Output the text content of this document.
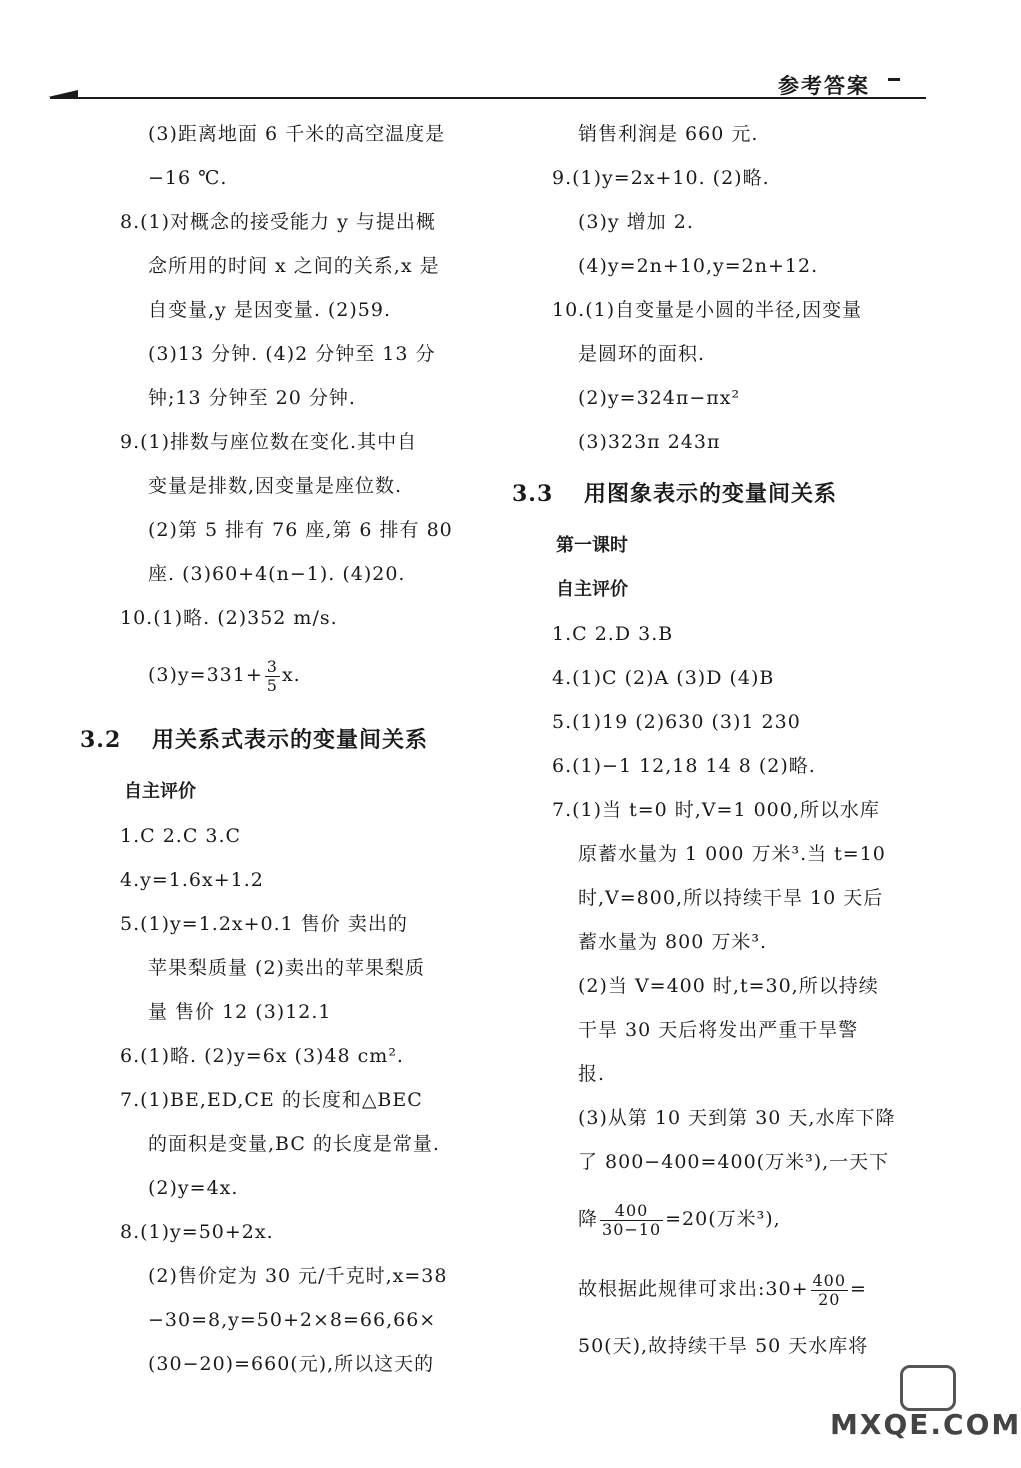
参考答案
(3)距离地面 6 千米的高空温度是
−16 ℃.
8.(1)对概念的接受能力 y 与提出概
念所用的时间 x 之间的关系,x 是
自变量,y 是因变量. (2)59.
(3)13 分钟. (4)2 分钟至 13 分
钟;13 分钟至 20 分钟.
9.(1)排数与座位数在变化.其中自
变量是排数,因变量是座位数.
(2)第 5 排有 76 座,第 6 排有 80
座. (3)60+4(n−1). (4)20.
10.(1)略. (2)352 m/s.
$(3)y=331+ \frac{3}{5} x$.
3.2 用关系式表示的变量间关系
自主评价
1.C 2.C 3.C
4.y=1.6x+1.2
5.(1)y=1.2x+0.1 售价 卖出的
苹果梨质量 (2)卖出的苹果梨质
量 售价 12 (3)12.1
6.(1)略. (2)y=6x (3)48 cm².
7.(1)BE,ED,CE 的长度和△BEC
的面积是变量,BC 的长度是常量.
(2)y=4x.
8.(1)y=50+2x.
(2)售价定为 30 元/千克时,x=38
−30=8,y=50+2×8=66,66×
(30−20)=660(元),所以这天的
销售利润是 660 元.
9.(1)y=2x+10. (2)略.
(3)y 增加 2.
(4)y=2n+10,y=2n+12.
10.(1)自变量是小圆的半径,因变量
是圆环的面积.
(2)y=324π−πx²
(3)323π 243π
3.3 用图象表示的变量间关系
第一课时
自主评价
1.C 2.D 3.B
4.(1)C (2)A (3)D (4)B
5.(1)19 (2)630 (3)1 230
6.(1)−1 12,18 14 8 (2)略.
7.(1)当 t=0 时,V=1 000,所以水库
原蓄水量为 1 000 万米³.当 t=10
时,V=800,所以持续干旱 10 天后
蓄水量为 800 万米³.
(2)当 V=400 时,t=30,所以持续
干旱 30 天后将发出严重干旱警
报.
(3)从第 10 天到第 30 天,水库下降
了 800−400=400(万米³),一天下
降 $\frac{400}{30-10} =20$(万米³),
故根据此规律可求出:30+ $\frac{400}{20}$ =
50(天),故持续干旱 50 天水库将
MXQE.COM
